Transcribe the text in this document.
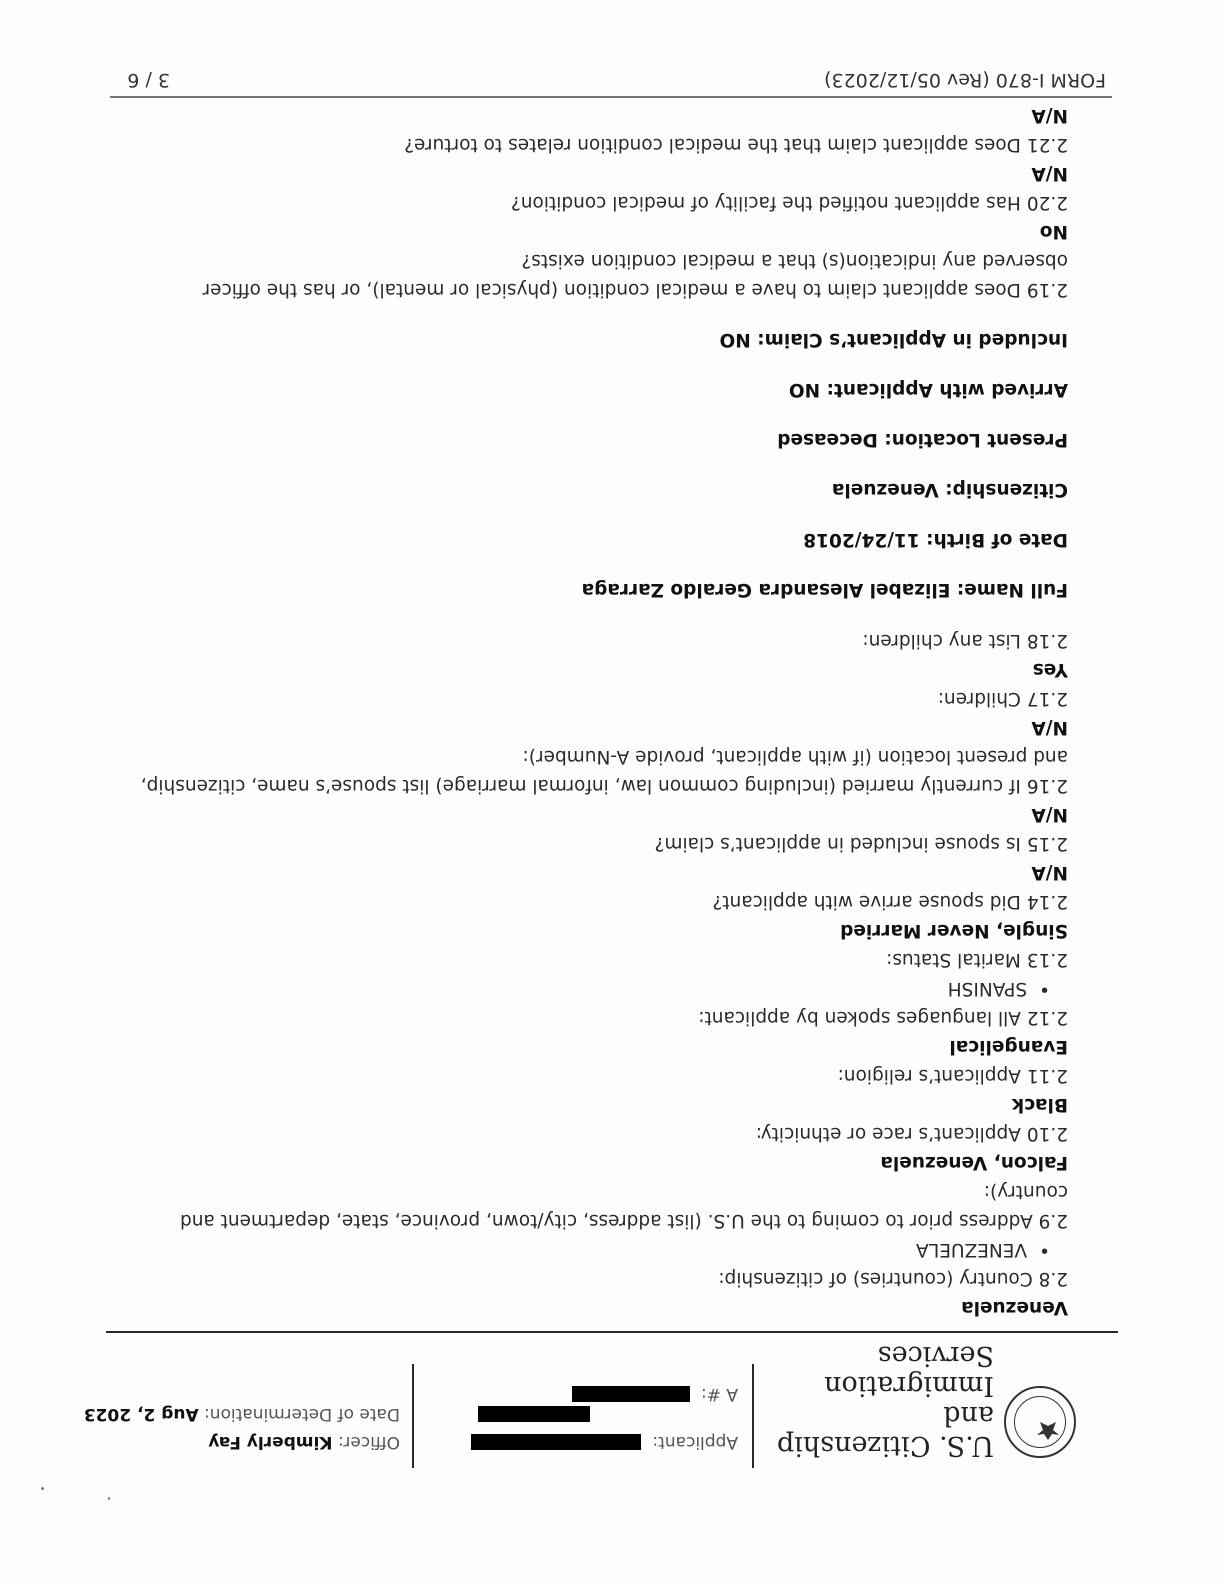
U.S. Citizenship and Immigration Services
Applicant:
A #:
Officer: Kimberly Fay
Date of Determination: Aug 2, 2023
Venezuela
2.8 Country (countries) of citizenship:
• VENEZUELA
2.9 Address prior to coming to the U.S. (list address, city/town, province, state, department and country):
Falcon, Venezuela
2.10 Applicant’s race or ethnicity:
Black
2.11 Applicant’s religion:
Evangelical
2.12 All languages spoken by applicant:
• SPANISH
2.13 Marital Status:
Single, Never Married
2.14 Did spouse arrive with applicant?
N/A
2.15 Is spouse included in applicant’s claim?
N/A
2.16 If currently married (including common law, informal marriage) list spouse’s name, citizenship, and present location (if with applicant, provide A-Number):
N/A
2.17 Children:
Yes
2.18 List any children:
Full Name: Elizabel Alesandra Geraldo Zarraga
Date of Birth: 11/24/2018
Citizenship: Venezuela
Present Location: Deceased
Arrived with Applicant: NO
Included in Applicant’s Claim: NO
2.19 Does applicant claim to have a medical condition (physical or mental), or has the officer observed any indication(s) that a medical condition exists?
No
2.20 Has applicant notified the facility of medical condition?
N/A
2.21 Does applicant claim that the medical condition relates to torture?
N/A
FORM I-870 (Rev 05/12/2023)
3 / 6
